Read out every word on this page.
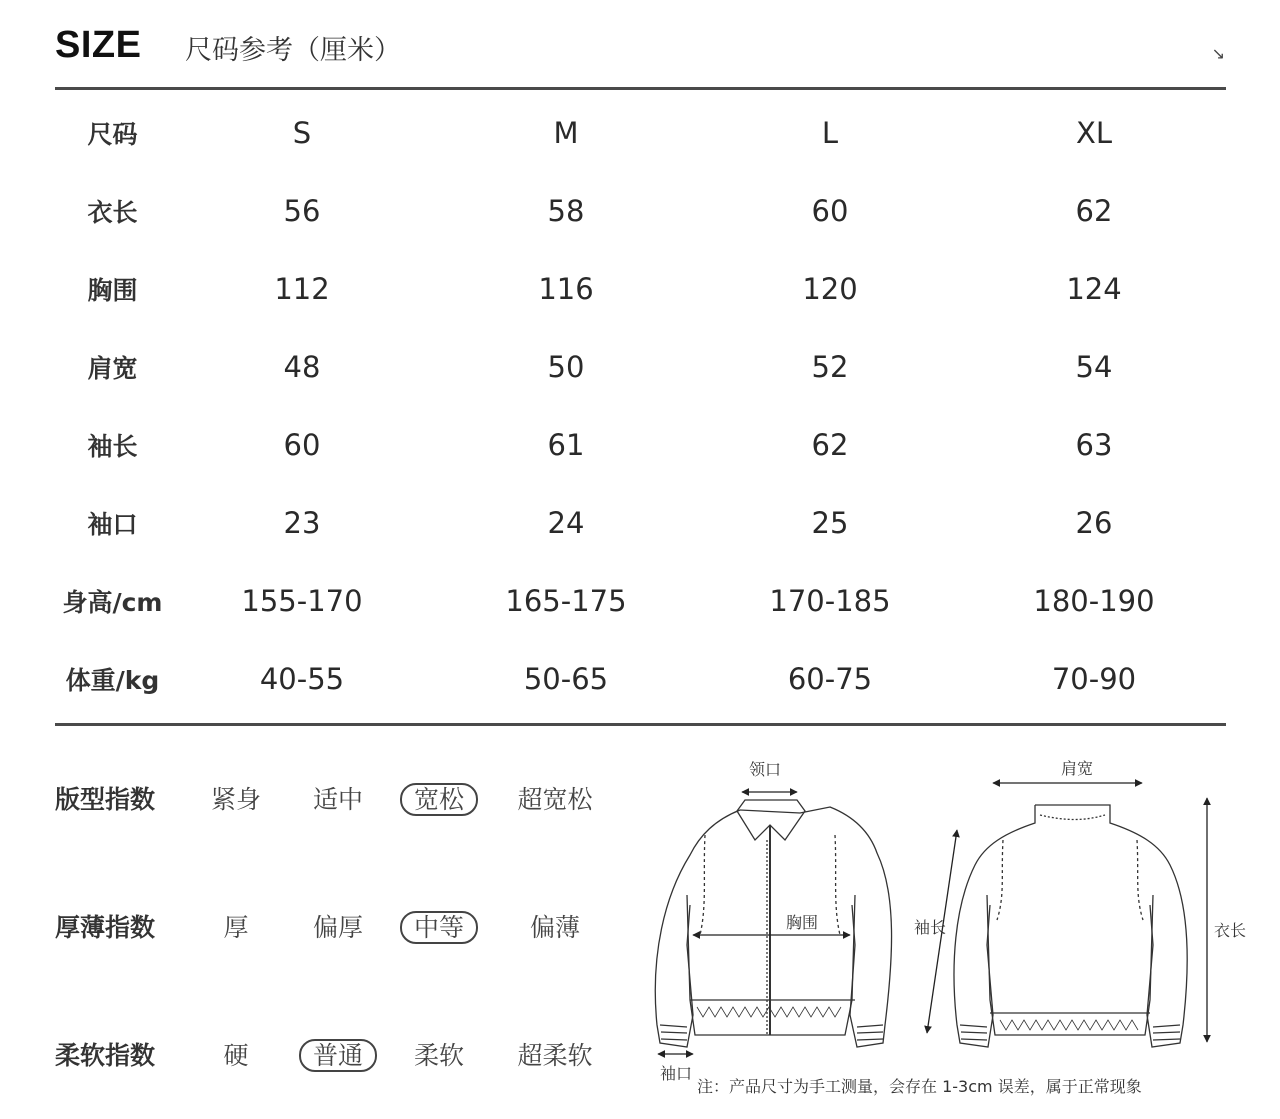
SIZE 尺码参考（厘米）	↘
尺码	S	M	L	XL
衣长	56	58	60	62
胸围	112	116	120	124
肩宽	48	50	52	54
袖长	60	61	62	63
袖口	23	24	25	26
身高/cm	155-170	165-175	170-185	180-190
体重/kg	40-55	50-65	60-75	70-90
版型指数	紧身	适中	宽松	超宽松
厚薄指数	厚	偏厚	中等	偏薄
柔软指数	硬	普通	柔软	超柔软
领口
胸围
袖口
肩宽
袖长	衣长
注：产品尺寸为手工测量，会存在 1-3cm 误差，属于正常现象
